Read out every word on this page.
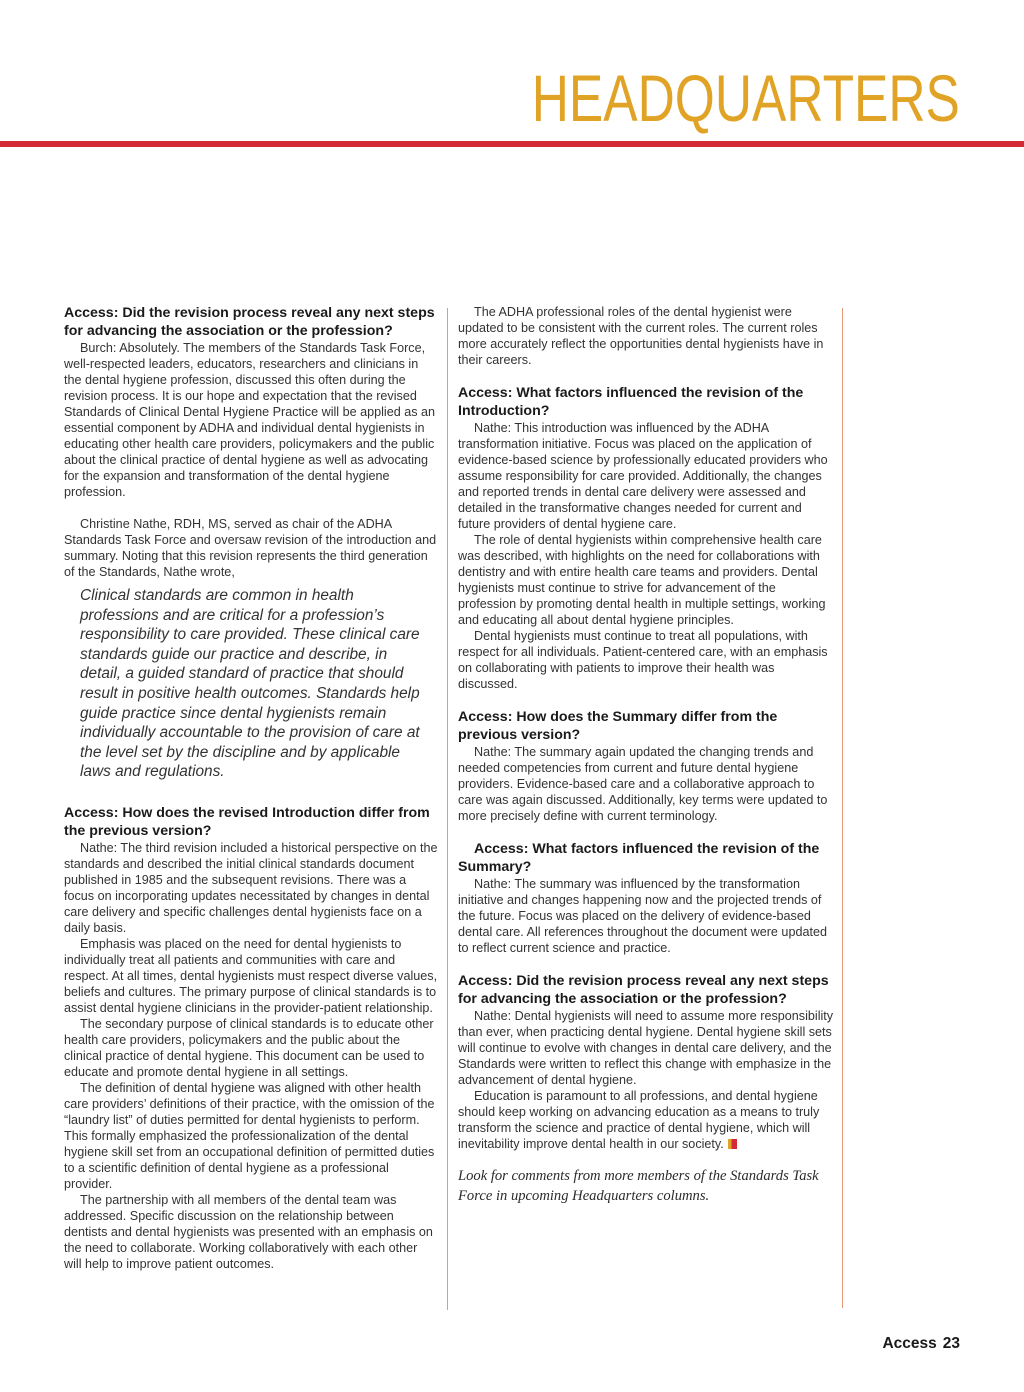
HEADQUARTERS
Access: Did the revision process reveal any next steps for advancing the association or the profession?

Burch: Absolutely. The members of the Standards Task Force, well-respected leaders, educators, researchers and clinicians in the dental hygiene profession, discussed this often during the revision process. It is our hope and expectation that the revised Standards of Clinical Dental Hygiene Practice will be applied as an essential component by ADHA and individual dental hygienists in educating other health care providers, policymakers and the public about the clinical practice of dental hygiene as well as advocating for the expansion and transformation of the dental hygiene profession.

Christine Nathe, RDH, MS, served as chair of the ADHA Standards Task Force and oversaw revision of the introduction and summary. Noting that this revision represents the third generation of the Standards, Nathe wrote,

Clinical standards are common in health professions and are critical for a profession’s responsibility to care provided. These clinical care standards guide our practice and describe, in detail, a guided standard of practice that should result in positive health outcomes. Standards help guide practice since dental hygienists remain individually accountable to the provision of care at the level set by the discipline and by applicable laws and regulations.
Access: How does the revised Introduction differ from the previous version?

Nathe: The third revision included a historical perspective on the standards and described the initial clinical standards document published in 1985 and the subsequent revisions. There was a focus on incorporating updates necessitated by changes in dental care delivery and specific challenges dental hygienists face on a daily basis.

Emphasis was placed on the need for dental hygienists to individually treat all patients and communities with care and respect. At all times, dental hygienists must respect diverse values, beliefs and cultures. The primary purpose of clinical standards is to assist dental hygiene clinicians in the provider-patient relationship.

The secondary purpose of clinical standards is to educate other health care providers, policymakers and the public about the clinical practice of dental hygiene. This document can be used to educate and promote dental hygiene in all settings.

The definition of dental hygiene was aligned with other health care providers’ definitions of their practice, with the omission of the “laundry list” of duties permitted for dental hygienists to perform. This formally emphasized the professionalization of the dental hygiene skill set from an occupational definition of permitted duties to a scientific definition of dental hygiene as a professional provider.

The partnership with all members of the dental team was addressed. Specific discussion on the relationship between dentists and dental hygienists was presented with an emphasis on the need to collaborate. Working collaboratively with each other will help to improve patient outcomes.

The ADHA professional roles of the dental hygienist were updated to be consistent with the current roles. The current roles more accurately reflect the opportunities dental hygienists have in their careers.

Access: What factors influenced the revision of the Introduction?

Nathe: This introduction was influenced by the ADHA transformation initiative. Focus was placed on the application of evidence-based science by professionally educated providers who assume responsibility for care provided. Additionally, the changes and reported trends in dental care delivery were assessed and detailed in the transformative changes needed for current and future providers of dental hygiene care.

The role of dental hygienists within comprehensive health care was described, with highlights on the need for collaborations with dentistry and with entire health care teams and providers. Dental hygienists must continue to strive for advancement of the profession by promoting dental health in multiple settings, working and educating all about dental hygiene principles.

Dental hygienists must continue to treat all populations, with respect for all individuals. Patient-centered care, with an emphasis on collaborating with patients to improve their health was discussed.

Access: How does the Summary differ from the previous version?

Nathe: The summary again updated the changing trends and needed competencies from current and future dental hygiene providers. Evidence-based care and a collaborative approach to care was again discussed. Additionally, key terms were updated to more precisely define with current terminology.

Access: What factors influenced the revision of the Summary?

Nathe: The summary was influenced by the transformation initiative and changes happening now and the projected trends of the future. Focus was placed on the delivery of evidence-based dental care. All references throughout the document were updated to reflect current science and practice.

Access: Did the revision process reveal any next steps for advancing the association or the profession?

Nathe: Dental hygienists will need to assume more responsibility than ever, when practicing dental hygiene. Dental hygiene skill sets will continue to evolve with changes in dental care delivery, and the Standards were written to reflect this change with emphasize in the advancement of dental hygiene.

Education is paramount to all professions, and dental hygiene should keep working on advancing education as a means to truly transform the science and practice of dental hygiene, which will inevitability improve dental health in our society.

Look for comments from more members of the Standards Task Force in upcoming Headquarters columns.
Access 23
